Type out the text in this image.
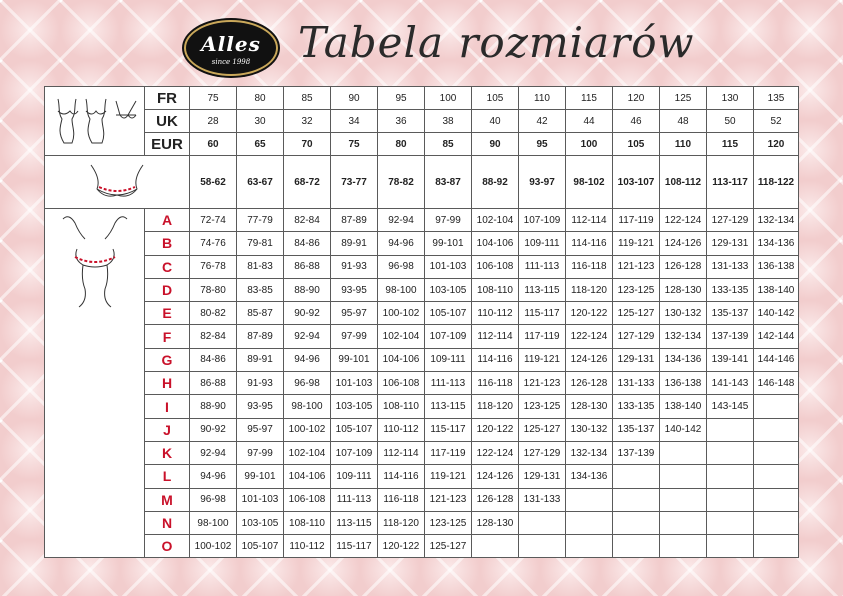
Alles
since 1998	Tabela rozmiarów
	FR	75	80	85	90	95	100	105	110	115	120	125	130	135
	UK	28	30	32	34	36	38	40	42	44	46	48	50	52
	EUR	60	65	70	75	80	85	90	95	100	105	110	115	120

	58-62	63-67	68-72	73-77	78-82	83-87	88-92	93-97	98-102	103-107	108-112	113-117	118-122

	A	72-74	77-79	82-84	87-89	92-94	97-99	102-104	107-109	112-114	117-119	122-124	127-129	132-134
	B	74-76	79-81	84-86	89-91	94-96	99-101	104-106	109-111	114-116	119-121	124-126	129-131	134-136
	C	76-78	81-83	86-88	91-93	96-98	101-103	106-108	111-113	116-118	121-123	126-128	131-133	136-138
	D	78-80	83-85	88-90	93-95	98-100	103-105	108-110	113-115	118-120	123-125	128-130	133-135	138-140
	E	80-82	85-87	90-92	95-97	100-102	105-107	110-112	115-117	120-122	125-127	130-132	135-137	140-142
	F	82-84	87-89	92-94	97-99	102-104	107-109	112-114	117-119	122-124	127-129	132-134	137-139	142-144
	G	84-86	89-91	94-96	99-101	104-106	109-111	114-116	119-121	124-126	129-131	134-136	139-141	144-146
	H	86-88	91-93	96-98	101-103	106-108	111-113	116-118	121-123	126-128	131-133	136-138	141-143	146-148
	I	88-90	93-95	98-100	103-105	108-110	113-115	118-120	123-125	128-130	133-135	138-140	143-145	
	J	90-92	95-97	100-102	105-107	110-112	115-117	120-122	125-127	130-132	135-137	140-142		
	K	92-94	97-99	102-104	107-109	112-114	117-119	122-124	127-129	132-134	137-139			
	L	94-96	99-101	104-106	109-111	114-116	119-121	124-126	129-131	134-136				
	M	96-98	101-103	106-108	111-113	116-118	121-123	126-128	131-133					
	N	98-100	103-105	108-110	113-115	118-120	123-125	128-130						
	O	100-102	105-107	110-112	115-117	120-122	125-127							
